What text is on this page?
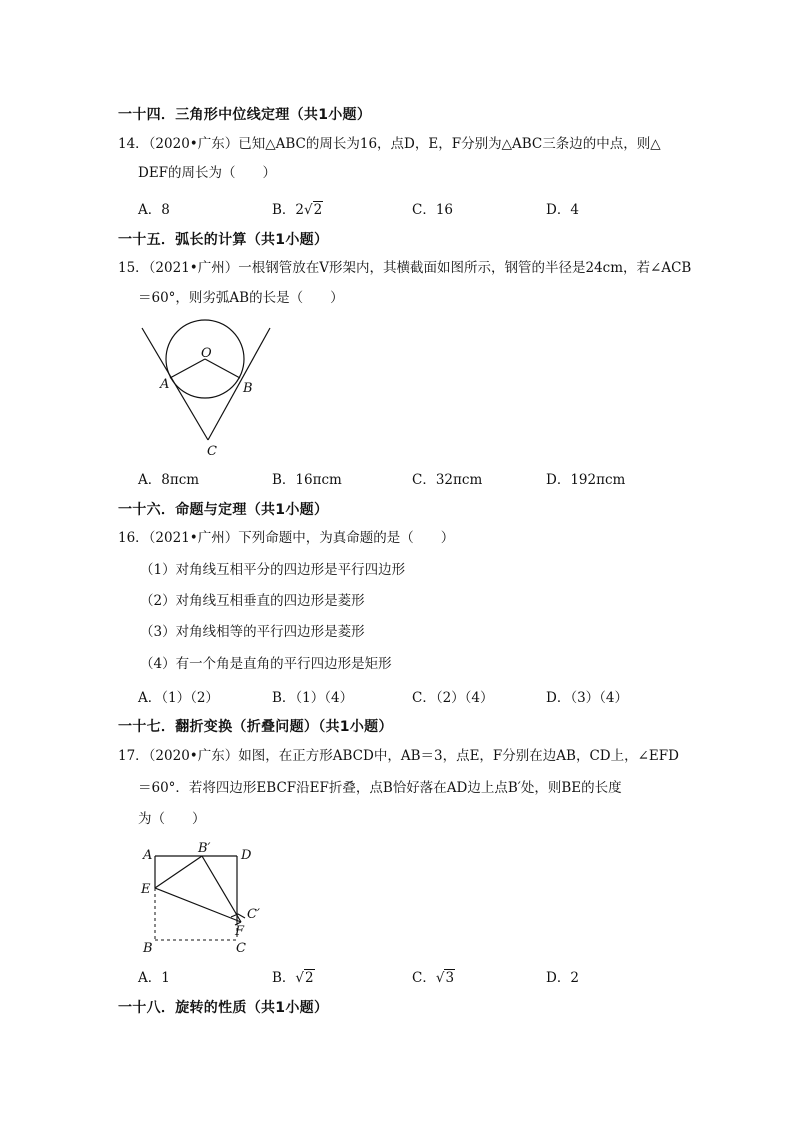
一十四．三角形中位线定理（共1小题）
14．（2020•广东）已知△ABC的周长为16，点D，E，F分别为△ABC三条边的中点，则△
DEF的周长为（　　）
A．8	B．2√2	C．16	D．4
一十五．弧长的计算（共1小题）
15．（2021•广州）一根钢管放在V形架内，其横截面如图所示，钢管的半径是24cm，若∠ACB
＝60°，则劣弧AB的长是（　　）
O
A	B
C
A．8πcm	B．16πcm	C．32πcm	D．192πcm
一十六．命题与定理（共1小题）
16．（2021•广州）下列命题中，为真命题的是（　　）
（1）对角线互相平分的四边形是平行四边形
（2）对角线互相垂直的四边形是菱形
（3）对角线相等的平行四边形是菱形
（4）有一个角是直角的平行四边形是矩形
A．（1）（2）	B．（1）（4）	C．（2）（4）	D．（3）（4）
一十七．翻折变换（折叠问题）（共1小题）
17．（2020•广东）如图，在正方形ABCD中，AB＝3，点E，F分别在边AB，CD上，∠EFD
＝60°．若将四边形EBCF沿EF折叠，点B恰好落在AD边上点B′处，则BE的长度
为（　　）
A	B′ D
E
C′
F
B	C
A．1	B．√2	C．√3	D．2
一十八．旋转的性质（共1小题）
